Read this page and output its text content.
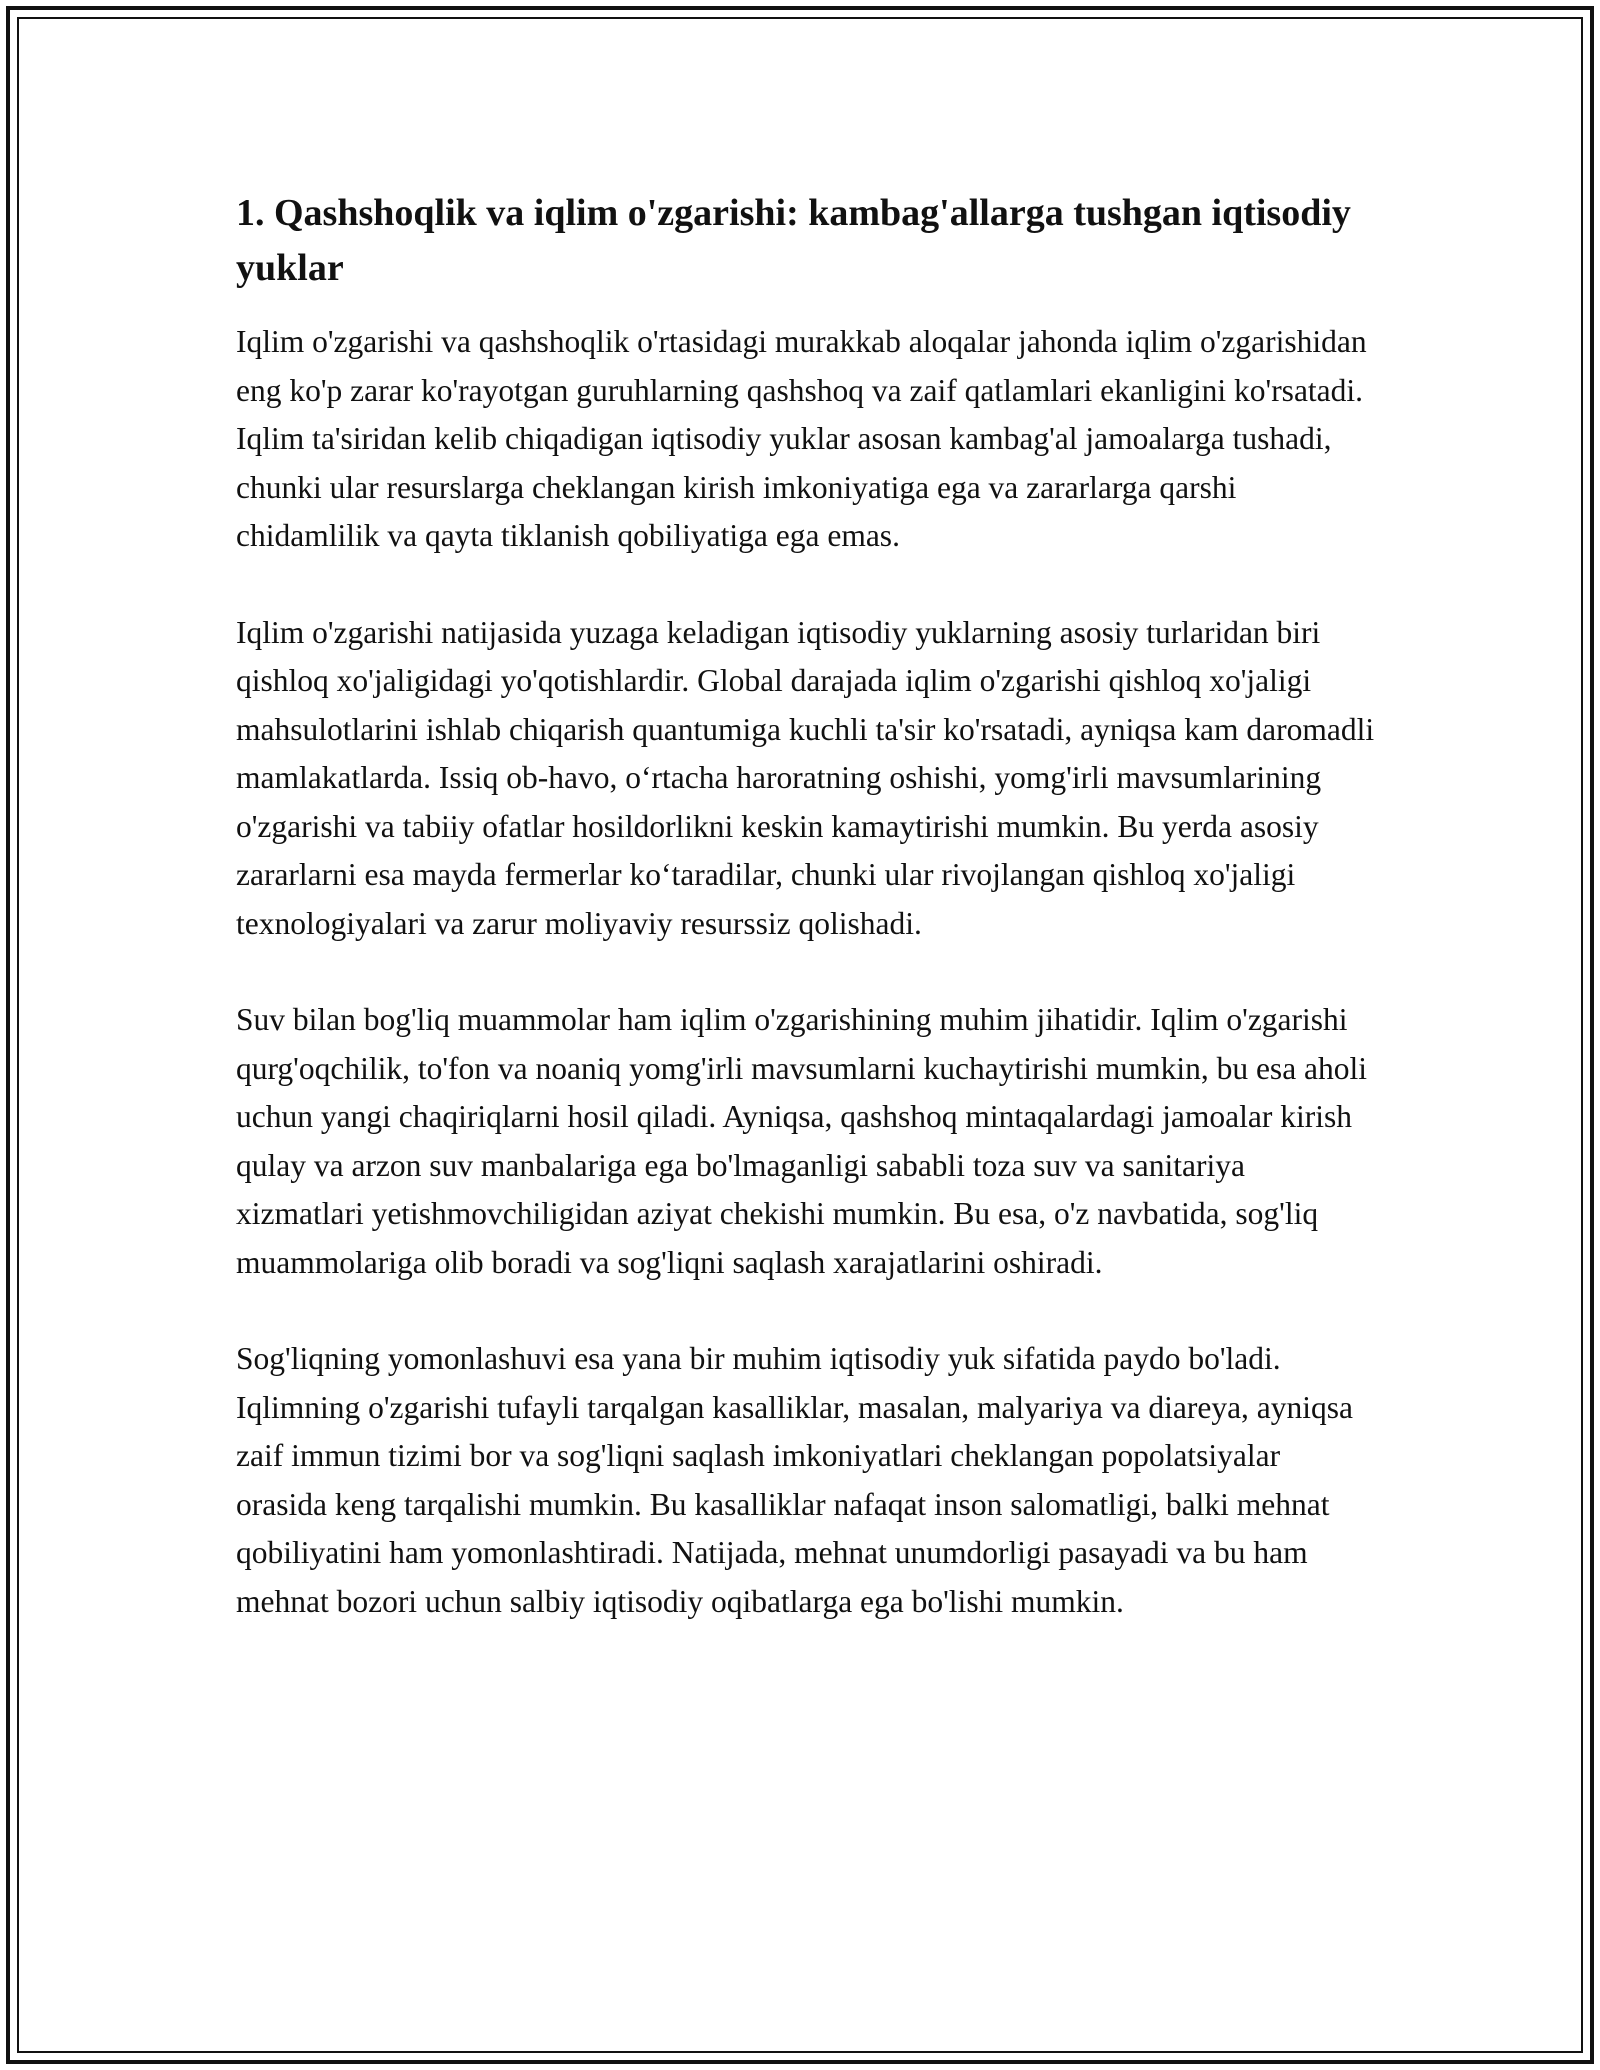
1. Qashshoqlik va iqlim o'zgarishi: kambag'allarga tushgan iqtisodiy yuklar

Iqlim o'zgarishi va qashshoqlik o'rtasidagi murakkab aloqalar jahonda iqlim o'zgarishidan eng ko'p zarar ko'rayotgan guruhlarning qashshoq va zaif qatlamlari ekanligini ko'rsatadi. Iqlim ta'siridan kelib chiqadigan iqtisodiy yuklar asosan kambag'al jamoalarga tushadi, chunki ular resurslarga cheklangan kirish imkoniyatiga ega va zararlarga qarshi chidamlilik va qayta tiklanish qobiliyatiga ega emas.

Iqlim o'zgarishi natijasida yuzaga keladigan iqtisodiy yuklarning asosiy turlaridan biri qishloq xo'jaligidagi yo'qotishlardir. Global darajada iqlim o'zgarishi qishloq xo'jaligi mahsulotlarini ishlab chiqarish quantumiga kuchli ta'sir ko'rsatadi, ayniqsa kam daromadli mamlakatlarda. Issiq ob-havo, o‘rtacha haroratning oshishi, yomg'irli mavsumlarining o'zgarishi va tabiiy ofatlar hosildorlikni keskin kamaytirishi mumkin. Bu yerda asosiy zararlarni esa mayda fermerlar ko‘taradilar, chunki ular rivojlangan qishloq xo'jaligi texnologiyalari va zarur moliyaviy resurssiz qolishadi.

Suv bilan bog'liq muammolar ham iqlim o'zgarishining muhim jihatidir. Iqlim o'zgarishi qurg'oqchilik, to'fon va noaniq yomg'irli mavsumlarni kuchaytirishi mumkin, bu esa aholi uchun yangi chaqiriqlarni hosil qiladi. Ayniqsa, qashshoq mintaqalardagi jamoalar kirish qulay va arzon suv manbalariga ega bo'lmaganligi sababli toza suv va sanitariya xizmatlari yetishmovchiligidan aziyat chekishi mumkin. Bu esa, o'z navbatida, sog'liq muammolariga olib boradi va sog'liqni saqlash xarajatlarini oshiradi.

Sog'liqning yomonlashuvi esa yana bir muhim iqtisodiy yuk sifatida paydo bo'ladi. Iqlimning o'zgarishi tufayli tarqalgan kasalliklar, masalan, malyariya va diareya, ayniqsa zaif immun tizimi bor va sog'liqni saqlash imkoniyatlari cheklangan popolatsiyalar orasida keng tarqalishi mumkin. Bu kasalliklar nafaqat inson salomatligi, balki mehnat qobiliyatini ham yomonlashtiradi. Natijada, mehnat unumdorligi pasayadi va bu ham mehnat bozori uchun salbiy iqtisodiy oqibatlarga ega bo'lishi mumkin.
